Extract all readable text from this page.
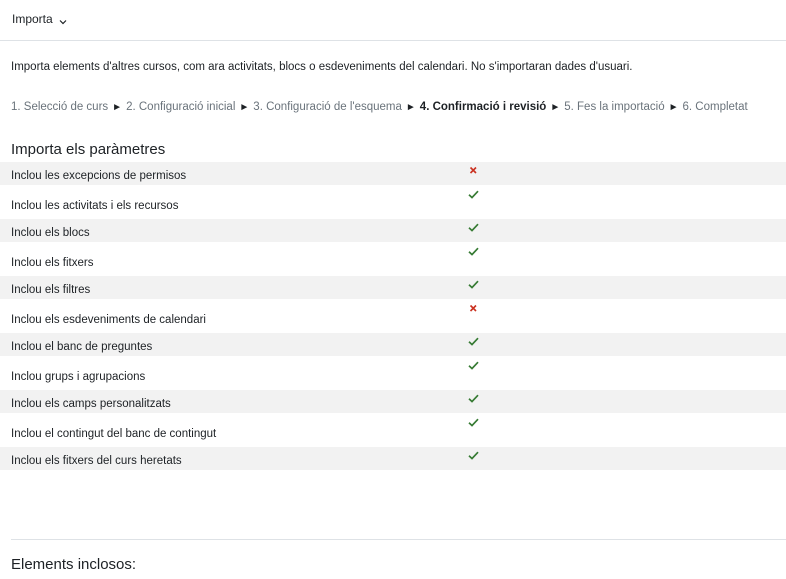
Importa
Importa elements d'altres cursos, com ara activitats, blocs o esdeveniments del calendari. No s'importaran dades d'usuari.
1. Selecció de curs ► 2. Configuració inicial ► 3. Configuració de l'esquema ► 4. Confirmació i revisió ► 5. Fes la importació ► 6. Completat
Importa els paràmetres
Inclou les excepcions de permisos
Inclou les activitats i els recursos
Inclou els blocs
Inclou els fitxers
Inclou els filtres
Inclou els esdeveniments de calendari
Inclou el banc de preguntes
Inclou grups i agrupacions
Inclou els camps personalitzats
Inclou el contingut del banc de contingut
Inclou els fitxers del curs heretats
Elements inclosos:
